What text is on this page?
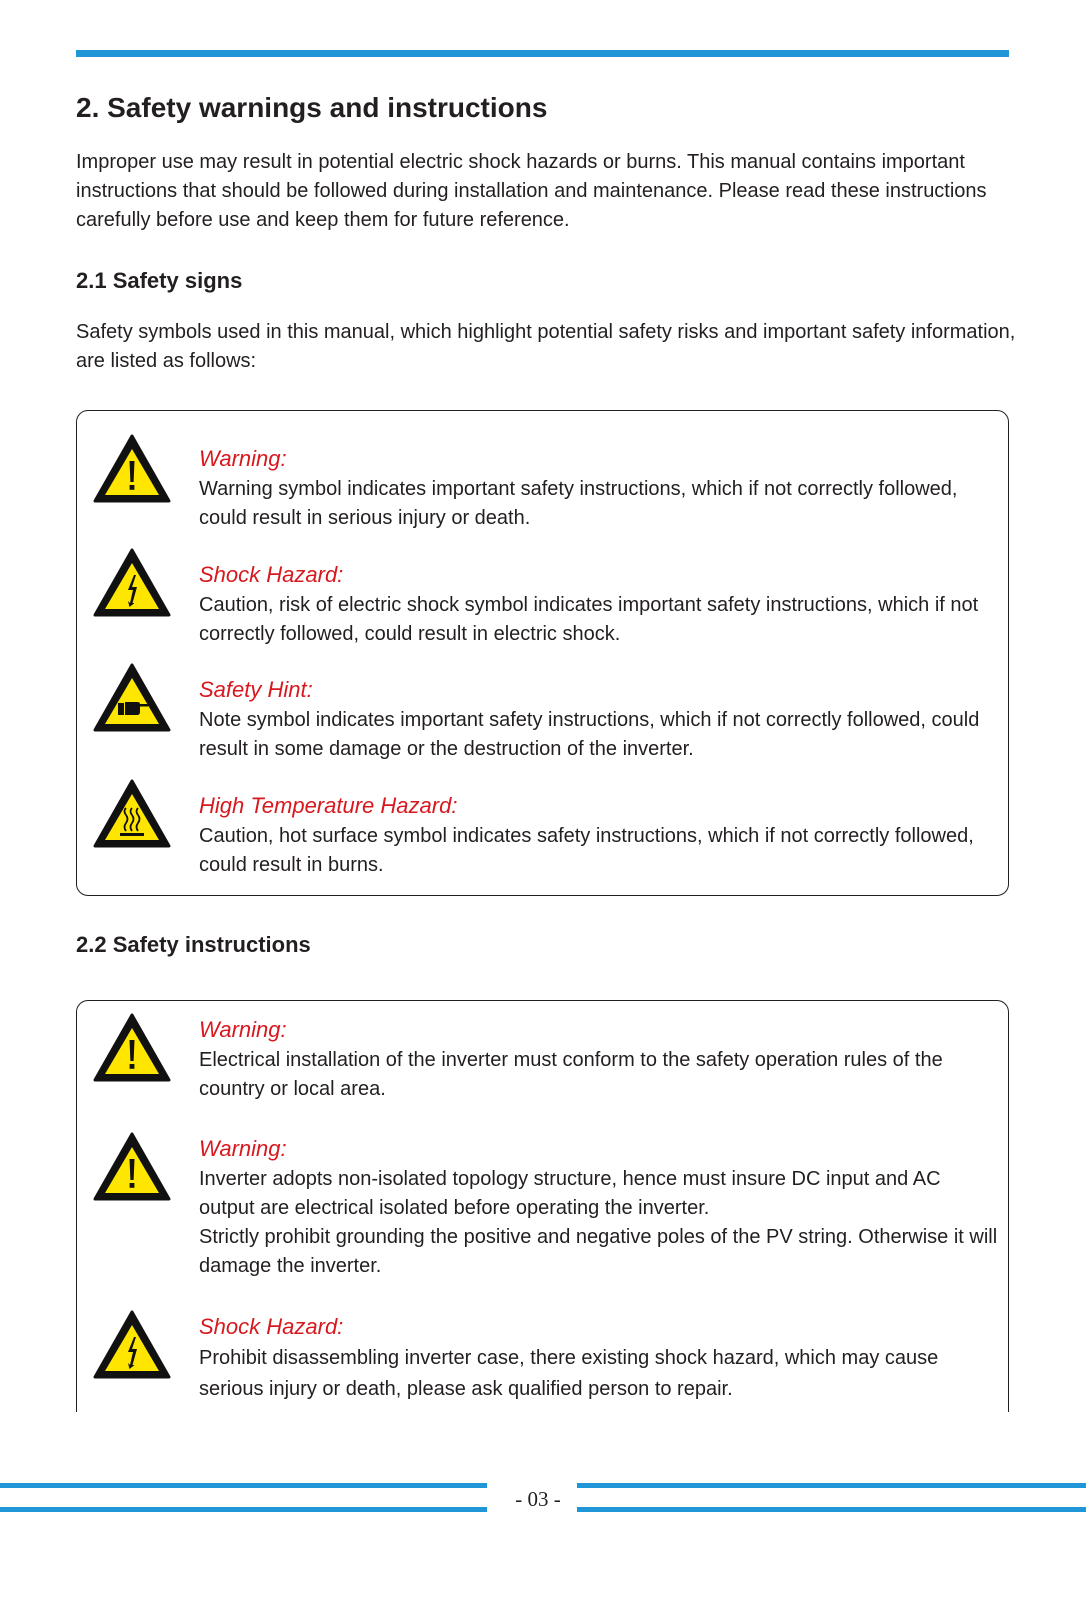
2. Safety warnings and instructions

Improper use may result in potential electric shock hazards or burns. This manual contains important instructions that should be followed during installation and maintenance. Please read these instructions carefully before use and keep them for future reference.

2.1 Safety signs

Safety symbols used in this manual, which highlight potential safety risks and important safety information, are listed as follows:

Warning:
Warning symbol indicates important safety instructions, which if not correctly followed, could result in serious injury or death.
Shock Hazard:
Caution, risk of electric shock symbol indicates important safety instructions, which if not correctly followed, could result in electric shock.
Safety Hint:
Note symbol indicates important safety instructions, which if not correctly followed, could result in some damage or the destruction of the inverter.
High Temperature Hazard:
Caution, hot surface symbol indicates safety instructions, which if not correctly followed, could result in burns.
2.2 Safety instructions
Warning:
Electrical installation of the inverter must conform to the safety operation rules of the country or local area.
Warning:
Inverter adopts non-isolated topology structure, hence must insure DC input and AC output are electrical isolated before operating the inverter.
Strictly prohibit grounding the positive and negative poles of the PV string. Otherwise it will damage the inverter.
Shock Hazard:
Prohibit disassembling inverter case, there existing shock hazard, which may cause serious injury or death, please ask qualified person to repair.
- 03 -
